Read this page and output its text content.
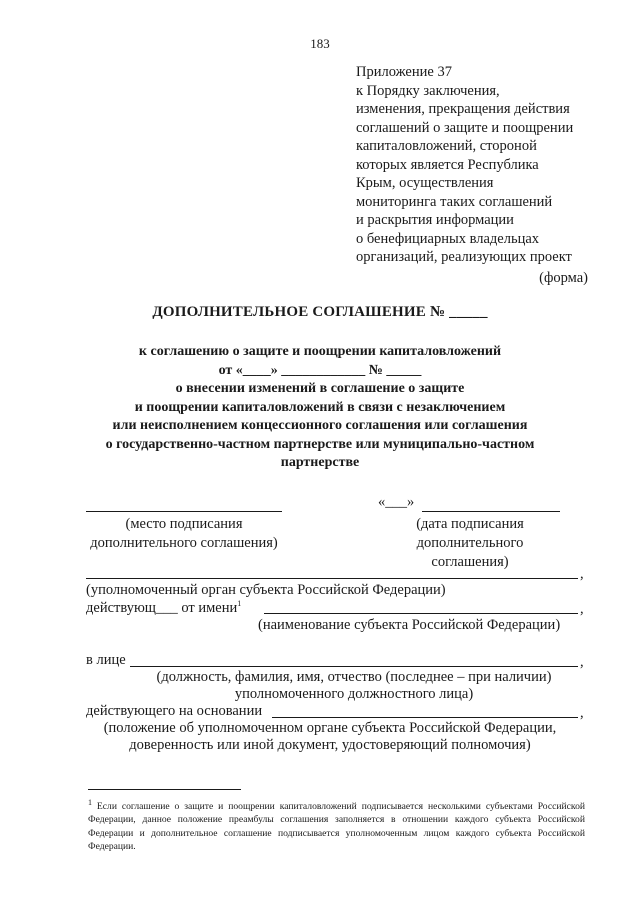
183
Приложение 37
к Порядку заключения,
изменения, прекращения действия
соглашений о защите и поощрении
капиталовложений, стороной
которых является Республика
Крым, осуществления
мониторинга таких соглашений
и раскрытия информации
о бенефициарных владельцах
организаций, реализующих проект
(форма)
ДОПОЛНИТЕЛЬНОЕ СОГЛАШЕНИЕ № _____
к соглашению о защите и поощрении капиталовложений
от «____» ____________ № _____
о внесении изменений в соглашение о защите
и поощрении капиталовложений в связи с незаключением
или неисполнением концессионного соглашения или соглашения
о государственно-частном партнерстве или муниципально-частном
партнерстве
(место подписания
дополнительного соглашения)
«___»
(дата подписания
дополнительного
соглашения)
,
(уполномоченный орган субъекта Российской Федерации)
действующ___ от имени$^1$	,
(наименование субъекта Российской Федерации)
в лице	,
(должность, фамилия, имя, отчество (последнее – при наличии)
уполномоченного должностного лица)
действующего на основании	,
(положение об уполномоченном органе субъекта Российской Федерации,
доверенность или иной документ, удостоверяющий полномочия)
$^1$ Если соглашение о защите и поощрении капиталовложений подписывается несколькими субъектами Российской Федерации, данное положение преамбулы соглашения заполняется в отношении каждого субъекта Российской Федерации и дополнительное соглашение подписывается уполномоченным лицом каждого субъекта Российской Федерации.
